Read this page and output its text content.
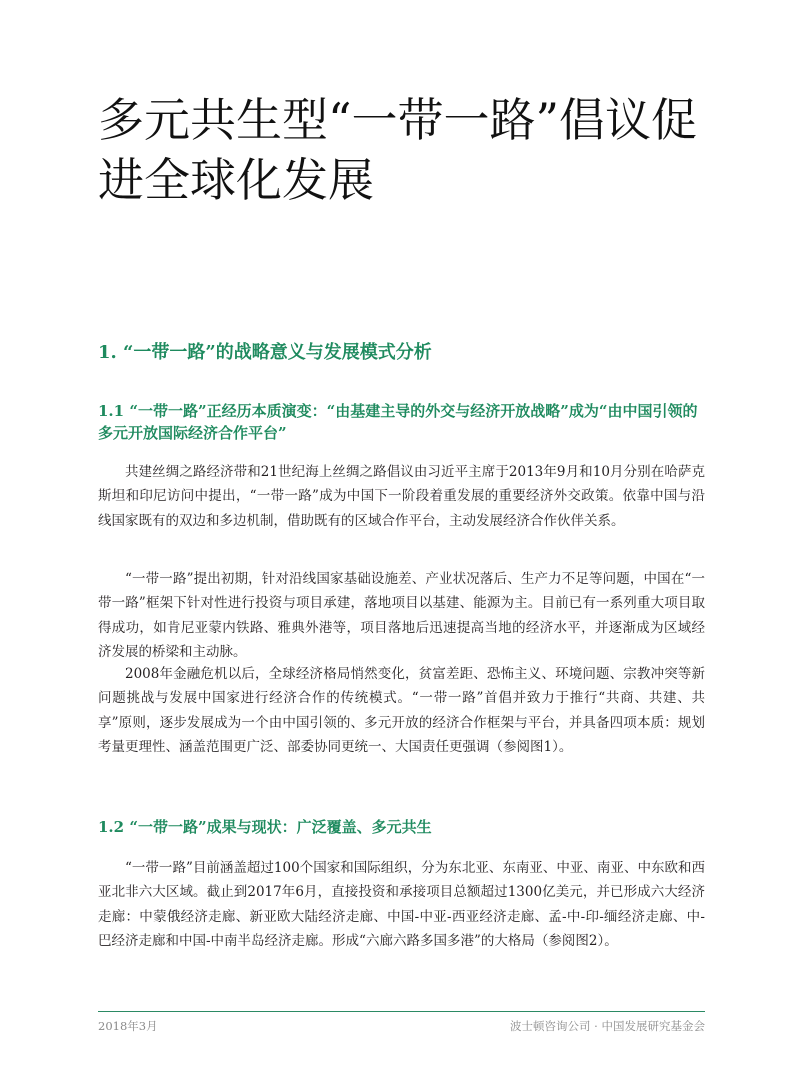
多元共生型“一带一路”倡议促进全球化发展
1. “一带一路”的战略意义与发展模式分析
1.1 “一带一路”正经历本质演变：“由基建主导的外交与经济开放战略”成为“由中国引领的多元开放国际经济合作平台”

共建丝绸之路经济带和21世纪海上丝绸之路倡议由习近平主席于2013年9月和10月分别在哈萨克斯坦和印尼访问中提出，“一带一路”成为中国下一阶段着重发展的重要经济外交政策。依靠中国与沿线国家既有的双边和多边机制，借助既有的区域合作平台，主动发展经济合作伙伴关系。

“一带一路”提出初期，针对沿线国家基础设施差、产业状况落后、生产力不足等问题，中国在“一带一路”框架下针对性进行投资与项目承建，落地项目以基建、能源为主。目前已有一系列重大项目取得成功，如肯尼亚蒙内铁路、雅典外港等，项目落地后迅速提高当地的经济水平，并逐渐成为区域经济发展的桥梁和主动脉。

2008年金融危机以后，全球经济格局悄然变化，贫富差距、恐怖主义、环境问题、宗教冲突等新问题挑战与发展中国家进行经济合作的传统模式。“一带一路”首倡并致力于推行“共商、共建、共享”原则，逐步发展成为一个由中国引领的、多元开放的经济合作框架与平台，并具备四项本质：规划考量更理性、涵盖范围更广泛、部委协同更统一、大国责任更强调（参阅图1）。

1.2 “一带一路”成果与现状：广泛覆盖、多元共生

“一带一路”目前涵盖超过100个国家和国际组织，分为东北亚、东南亚、中亚、南亚、中东欧和西亚北非六大区域。截止到2017年6月，直接投资和承接项目总额超过1300亿美元，并已形成六大经济走廊：中蒙俄经济走廊、新亚欧大陆经济走廊、中国-中亚-西亚经济走廊、孟-中-印-缅经济走廊、中-巴经济走廊和中国-中南半岛经济走廊。形成“六廊六路多国多港”的大格局（参阅图2）。

2018年3月	波士顿咨询公司 · 中国发展研究基金会
